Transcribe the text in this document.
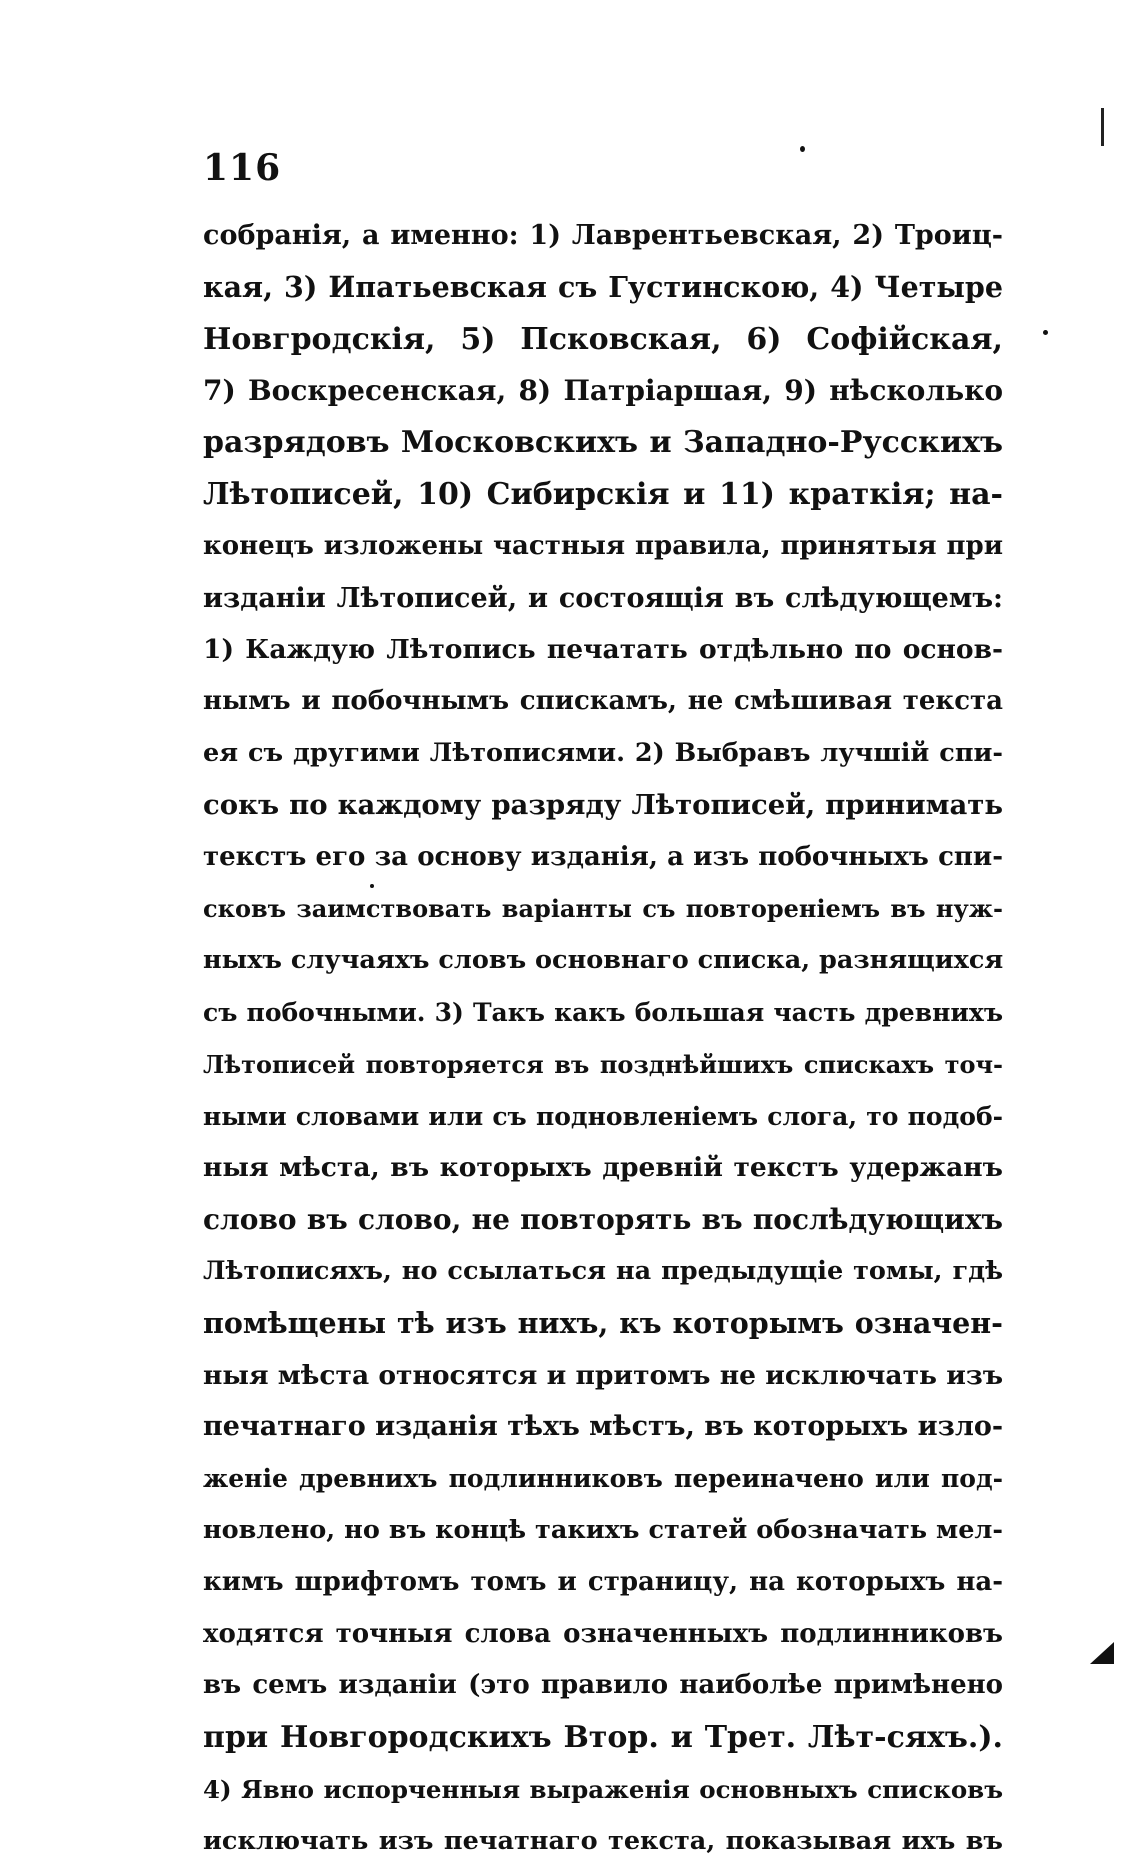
116
собранія, а именно: 1) Лаврентьевская, 2) Троиц-
кая, 3) Ипатьевская съ Густинскою, 4) Четыре
Новгродскія, 5) Псковская, 6) Софійская,
7) Воскресенская, 8) Патріаршая, 9) нѣсколько
разрядовъ Московскихъ и Западно-Русскихъ
Лѣтописей, 10) Сибирскія и 11) краткія; на-
конецъ изложены частныя правила, принятыя при
изданіи Лѣтописей, и состоящія въ слѣдующемъ:
1) Каждую Лѣтопись печатать отдѣльно по основ-
нымъ и побочнымъ спискамъ, не смѣшивая текста
ея съ другими Лѣтописями. 2) Выбравъ лучшій спи-
сокъ по каждому разряду Лѣтописей, принимать
текстъ его за основу изданія, а изъ побочныхъ спи-
сковъ заимствовать варіанты съ повтореніемъ въ нуж-
ныхъ случаяхъ словъ основнаго списка, разнящихся
съ побочными. 3) Такъ какъ большая часть древнихъ
Лѣтописей повторяется въ позднѣйшихъ спискахъ точ-
ными словами или съ подновленіемъ слога, то подоб-
ныя мѣста, въ которыхъ древній текстъ удержанъ
слово въ слово, не повторять въ послѣдующихъ
Лѣтописяхъ, но ссылаться на предыдущіе томы, гдѣ
помѣщены тѣ изъ нихъ, къ которымъ означен-
ныя мѣста относятся и притомъ не исключать изъ
печатнаго изданія тѣхъ мѣстъ, въ которыхъ изло-
женіе древнихъ подлинниковъ переиначено или под-
новлено, но въ концѣ такихъ статей обозначать мел-
кимъ шрифтомъ томъ и страницу, на которыхъ на-
ходятся точныя слова означенныхъ подлинниковъ
въ семъ изданіи (это правило наиболѣе примѣнено
при Новгородскихъ Втор. и Трет. Лѣт-сяхъ.).
4) Явно испорченныя выраженія основныхъ списковъ
исключать изъ печатнаго текста, показывая ихъ въ
